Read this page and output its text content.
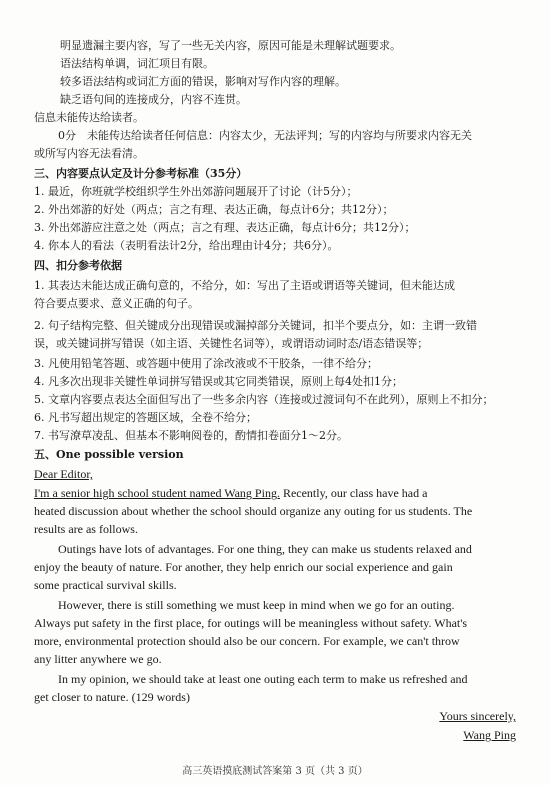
明显遗漏主要内容，写了一些无关内容，原因可能是未理解试题要求。
语法结构单调，词汇项目有限。
较多语法结构或词汇方面的错误，影响对写作内容的理解。
缺乏语句间的连接成分，内容不连贯。
信息未能传达给读者。
0分　未能传达给读者任何信息：内容太少，无法评判；写的内容均与所要求内容无关
或所写内容无法看清。
三、内容要点认定及计分参考标准（35分）
1. 最近，你班就学校组织学生外出郊游问题展开了讨论（计5分）；
2. 外出郊游的好处（两点；言之有理、表达正确，每点计6分；共12分）；
3. 外出郊游应注意之处（两点；言之有理、表达正确，每点计6分；共12分）；
4. 你本人的看法（表明看法计2分，给出理由计4分；共6分）。
四、扣分参考依据
1. 其表达未能达成正确句意的，不给分，如：写出了主语或谓语等关键词，但未能达成
符合要点要求、意义正确的句子。
2. 句子结构完整、但关键成分出现错误或漏掉部分关键词，扣半个要点分，如：主谓一致错
误，或关键词拼写错误（如主语、关键性名词等），或谓语动词时态/语态错误等；
3. 凡使用铅笔答题、或答题中使用了涂改液或不干胶条，一律不给分；
4. 凡多次出现非关键性单词拼写错误或其它同类错误，原则上每4处扣1分；
5. 文章内容要点表达全面但写出了一些多余内容（连接或过渡词句不在此列），原则上不扣分；
6. 凡书写超出规定的答题区域，全卷不给分；
7. 书写潦草凌乱、但基本不影响阅卷的，酌情扣卷面分1～2分。
五、One possible version
Dear Editor,
I'm a senior high school student named Wang Ping. Recently, our class have had a
heated discussion about whether the school should organize any outing for us students. The
results are as follows.
Outings have lots of advantages. For one thing, they can make us students relaxed and
enjoy the beauty of nature. For another, they help enrich our social experience and gain
some practical survival skills.
However, there is still something we must keep in mind when we go for an outing.
Always put safety in the first place, for outings will be meaningless without safety. What's
more, environmental protection should also be our concern. For example, we can't throw
any litter anywhere we go.
In my opinion, we should take at least one outing each term to make us refreshed and
get closer to nature. (129 words)
Yours sincerely,
Wang Ping
高三英语摸底测试答案第 3 页（共 3 页）
